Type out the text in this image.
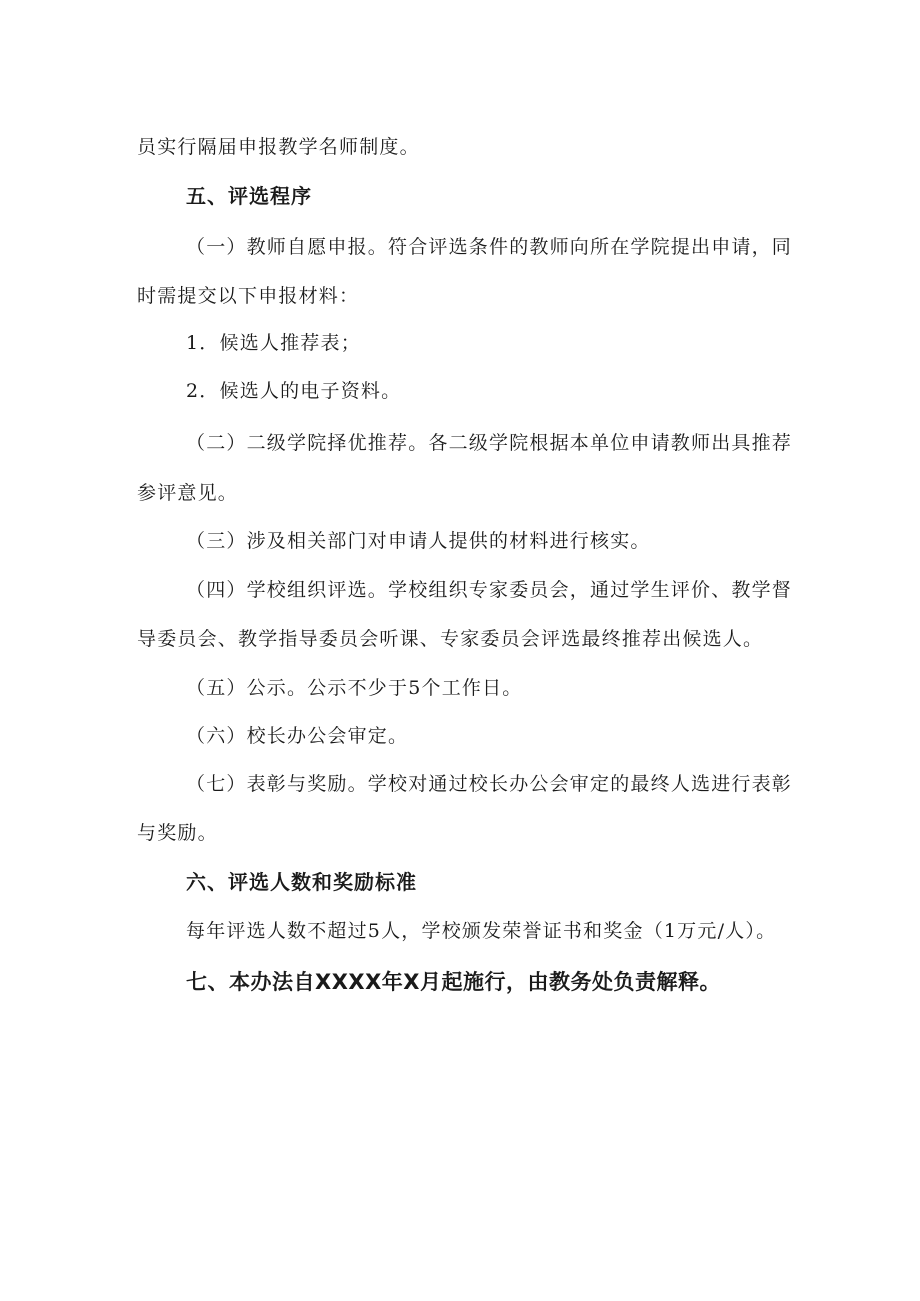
员实行隔届申报教学名师制度。
五、评选程序
（一）教师自愿申报。符合评选条件的教师向所在学院提出申请，同
时需提交以下申报材料：
1．候选人推荐表；
2．候选人的电子资料。
（二）二级学院择优推荐。各二级学院根据本单位申请教师出具推荐
参评意见。
（三）涉及相关部门对申请人提供的材料进行核实。
（四）学校组织评选。学校组织专家委员会，通过学生评价、教学督
导委员会、教学指导委员会听课、专家委员会评选最终推荐出候选人。
（五）公示。公示不少于5个工作日。
（六）校长办公会审定。
（七）表彰与奖励。学校对通过校长办公会审定的最终人选进行表彰
与奖励。
六、评选人数和奖励标准
每年评选人数不超过5人，学校颁发荣誉证书和奖金（1万元/人）。
七、本办法自XXXX年X月起施行，由教务处负责解释。
